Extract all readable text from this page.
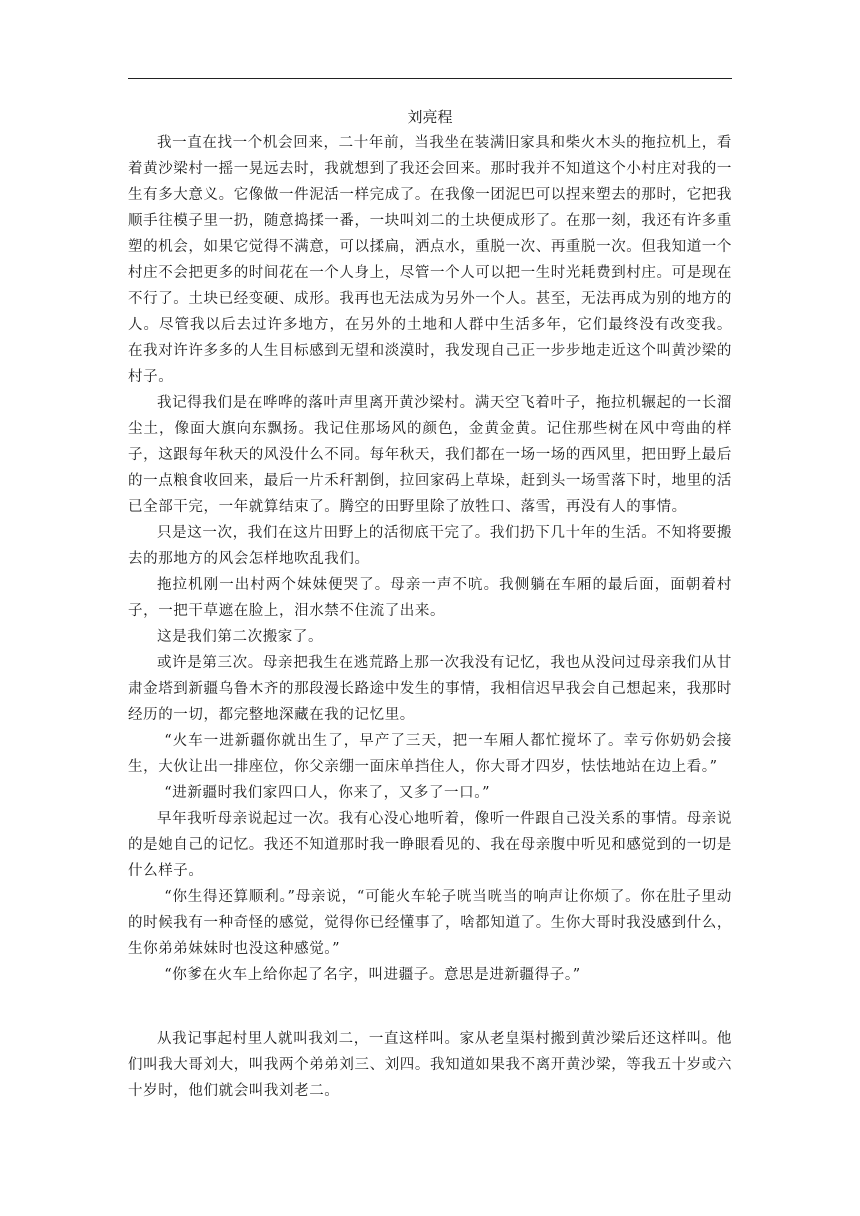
刘亮程

我一直在找一个机会回来，二十年前，当我坐在装满旧家具和柴火木头的拖拉机上，看着黄沙梁村一摇一晃远去时，我就想到了我还会回来。那时我并不知道这个小村庄对我的一生有多大意义。它像做一件泥活一样完成了。在我像一团泥巴可以捏来塑去的那时，它把我顺手往模子里一扔，随意捣揉一番，一块叫刘二的土块便成形了。在那一刻，我还有许多重塑的机会，如果它觉得不满意，可以揉扁，洒点水，重脱一次、再重脱一次。但我知道一个村庄不会把更多的时间花在一个人身上，尽管一个人可以把一生时光耗费到村庄。可是现在不行了。土块已经变硬、成形。我再也无法成为另外一个人。甚至，无法再成为别的地方的人。尽管我以后去过许多地方，在另外的土地和人群中生活多年，它们最终没有改变我。 在我对许许多多的人生目标感到无望和淡漠时，我发现自己正一步步地走近这个叫黄沙梁的村子。

我记得我们是在哗哗的落叶声里离开黄沙梁村。满天空飞着叶子，拖拉机辗起的一长溜尘土，像面大旗向东飘扬。我记住那场风的颜色，金黄金黄。记住那些树在风中弯曲的样子，这跟每年秋天的风没什么不同。每年秋天，我们都在一场一场的西风里，把田野上最后的一点粮食收回来，最后一片禾秆割倒，拉回家码上草垛，赶到头一场雪落下时，地里的活已全部干完，一年就算结束了。腾空的田野里除了放牲口、落雪，再没有人的事情。

只是这一次，我们在这片田野上的活彻底干完了。我们扔下几十年的生活。不知将要搬去的那地方的风会怎样地吹乱我们。

拖拉机刚一出村两个妹妹便哭了。母亲一声不吭。我侧躺在车厢的最后面，面朝着村子，一把干草遮在脸上，泪水禁不住流了出来。

这是我们第二次搬家了。

或许是第三次。母亲把我生在逃荒路上那一次我没有记忆，我也从没问过母亲我们从甘肃金塔到新疆乌鲁木齐的那段漫长路途中发生的事情，我相信迟早我会自己想起来，我那时经历的一切，都完整地深藏在我的记忆里。

“火车一进新疆你就出生了，早产了三天，把一车厢人都忙搅坏了。幸亏你奶奶会接生，大伙让出一排座位，你父亲绷一面床单挡住人，你大哥才四岁，怯怯地站在边上看。”

“进新疆时我们家四口人，你来了，又多了一口。”

早年我听母亲说起过一次。我有心没心地听着，像听一件跟自己没关系的事情。母亲说的是她自己的记忆。我还不知道那时我一睁眼看见的、我在母亲腹中听见和感觉到的一切是什么样子。

“你生得还算顺利。”母亲说，“可能火车轮子咣当咣当的响声让你烦了。你在肚子里动的时候我有一种奇怪的感觉，觉得你已经懂事了，啥都知道了。生你大哥时我没感到什么，生你弟弟妹妹时也没这种感觉。”

“你爹在火车上给你起了名字，叫进疆子。意思是进新疆得子。”

从我记事起村里人就叫我刘二，一直这样叫。家从老皇渠村搬到黄沙梁后还这样叫。他们叫我大哥刘大，叫我两个弟弟刘三、刘四。我知道如果我不离开黄沙梁，等我五十岁或六十岁时，他们就会叫我刘老二。
